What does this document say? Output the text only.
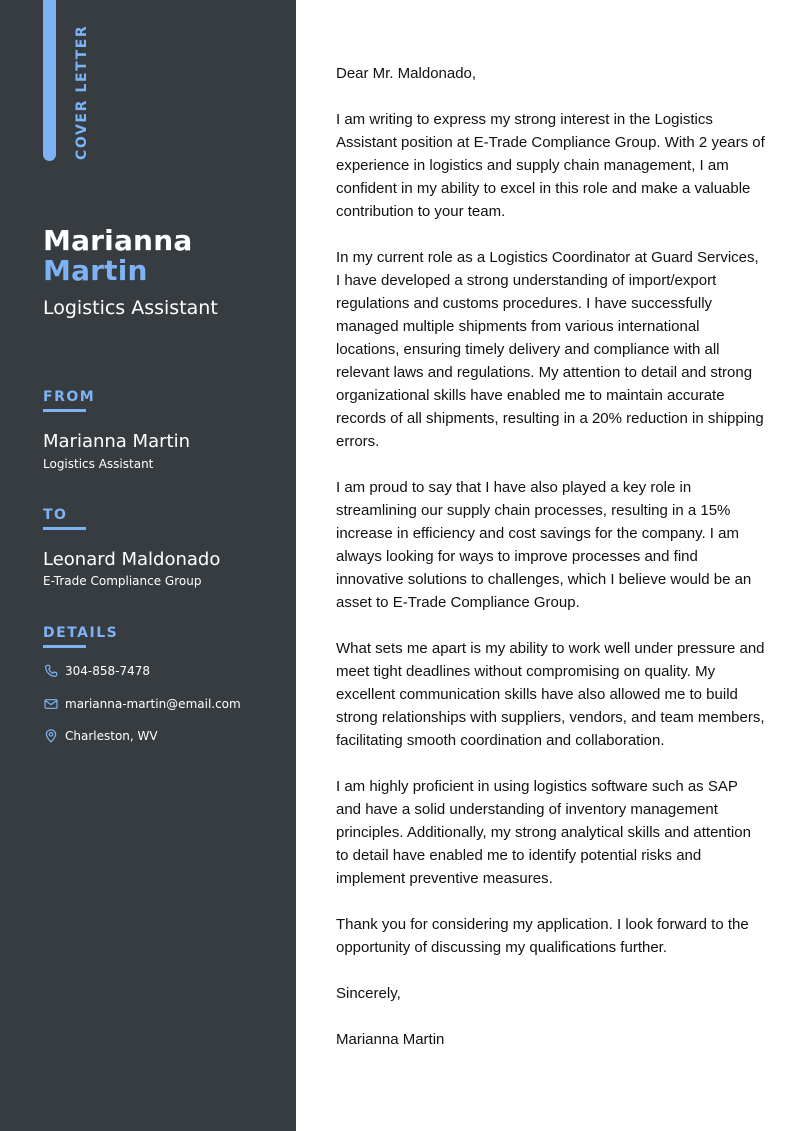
COVER LETTER
Marianna
Martin
Logistics Assistant
FROM
Marianna Martin
Logistics Assistant
TO
Leonard Maldonado
E-Trade Compliance Group
DETAILS
304-858-7478
marianna-martin@email.com
Charleston, WV

Dear Mr. Maldonado,

I am writing to express my strong interest in the Logistics Assistant position at E-Trade Compliance Group. With 2 years of experience in logistics and supply chain management, I am confident in my ability to excel in this role and make a valuable contribution to your team.

In my current role as a Logistics Coordinator at Guard Services, I have developed a strong understanding of import/export regulations and customs procedures. I have successfully managed multiple shipments from various international locations, ensuring timely delivery and compliance with all relevant laws and regulations. My attention to detail and strong organizational skills have enabled me to maintain accurate records of all shipments, resulting in a 20% reduction in shipping errors.

I am proud to say that I have also played a key role in streamlining our supply chain processes, resulting in a 15% increase in efficiency and cost savings for the company. I am always looking for ways to improve processes and find innovative solutions to challenges, which I believe would be an asset to E-Trade Compliance Group.

What sets me apart is my ability to work well under pressure and meet tight deadlines without compromising on quality. My excellent communication skills have also allowed me to build strong relationships with suppliers, vendors, and team members, facilitating smooth coordination and collaboration.

I am highly proficient in using logistics software such as SAP and have a solid understanding of inventory management principles. Additionally, my strong analytical skills and attention to detail have enabled me to identify potential risks and implement preventive measures.

Thank you for considering my application. I look forward to the opportunity of discussing my qualifications further.

Sincerely,

Marianna Martin
